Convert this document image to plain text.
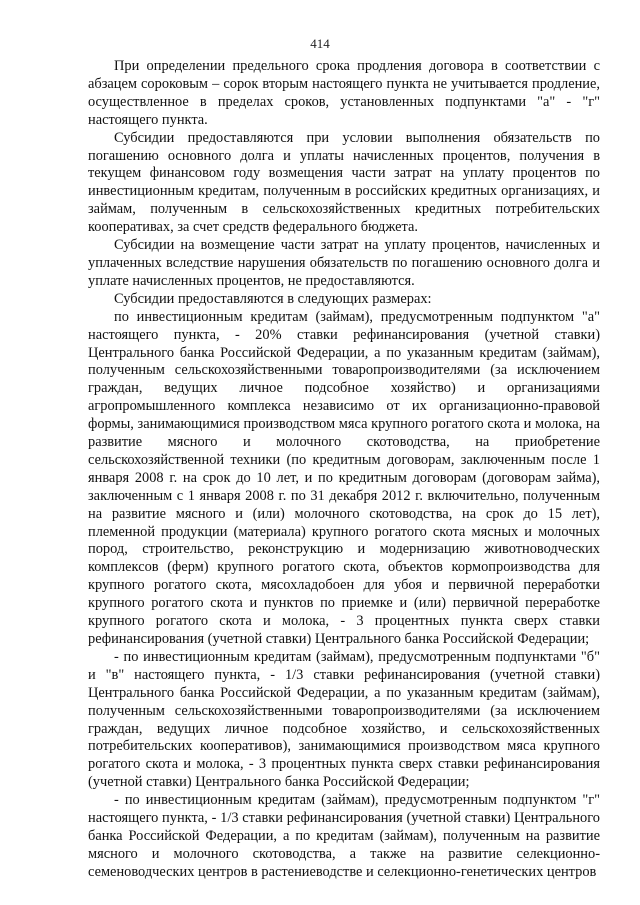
414

При определении предельного срока продления договора в соответствии с абзацем сороковым – сорок вторым настоящего пункта не учитывается продление, осуществленное в пределах сроков, установленных подпунктами "а" - "г" настоящего пункта.

Субсидии предоставляются при условии выполнения обязательств по погашению основного долга и уплаты начисленных процентов, получения в текущем финансовом году возмещения части затрат на уплату процентов по инвестиционным кредитам, полученным в российских кредитных организациях, и займам, полученным в сельскохозяйственных кредитных потребительских кооперативах, за счет средств федерального бюджета.

Субсидии на возмещение части затрат на уплату процентов, начисленных и уплаченных вследствие нарушения обязательств по погашению основного долга и уплате начисленных процентов, не предоставляются.

Субсидии предоставляются в следующих размерах:

по инвестиционным кредитам (займам), предусмотренным подпунктом "а" настоящего пункта, - 20% ставки рефинансирования (учетной ставки) Центрального банка Российской Федерации, а по указанным кредитам (займам), полученным сельскохозяйственными товаропроизводителями (за исключением граждан, ведущих личное подсобное хозяйство) и организациями агропромышленного комплекса независимо от их организационно-правовой формы, занимающимися производством мяса крупного рогатого скота и молока, на развитие мясного и молочного скотоводства, на приобретение сельскохозяйственной техники (по кредитным договорам, заключенным после 1 января 2008 г. на срок до 10 лет, и по кредитным договорам (договорам займа), заключенным с 1 января 2008 г. по 31 декабря 2012 г. включительно, полученным на развитие мясного и (или) молочного скотоводства, на срок до 15 лет), племенной продукции (материала) крупного рогатого скота мясных и молочных пород, строительство, реконструкцию и модернизацию животноводческих комплексов (ферм) крупного рогатого скота, объектов кормопроизводства для крупного рогатого скота, мясохладобоен для убоя и первичной переработки крупного рогатого скота и пунктов по приемке и (или) первичной переработке крупного рогатого скота и молока, - 3 процентных пункта сверх ставки рефинансирования (учетной ставки) Центрального банка Российской Федерации;

- по инвестиционным кредитам (займам), предусмотренным подпунктами "б" и "в" настоящего пункта, - 1/3 ставки рефинансирования (учетной ставки) Центрального банка Российской Федерации, а по указанным кредитам (займам), полученным сельскохозяйственными товаропроизводителями (за исключением граждан, ведущих личное подсобное хозяйство, и сельскохозяйственных потребительских кооперативов), занимающимися производством мяса крупного рогатого скота и молока, - 3 процентных пункта сверх ставки рефинансирования (учетной ставки) Центрального банка Российской Федерации;

- по инвестиционным кредитам (займам), предусмотренным подпунктом "г" настоящего пункта, - 1/3 ставки рефинансирования (учетной ставки) Центрального банка Российской Федерации, а по кредитам (займам), полученным на развитие мясного и молочного скотоводства, а также на развитие селекционно-семеноводческих центров в растениеводстве и селекционно-генетических центров
